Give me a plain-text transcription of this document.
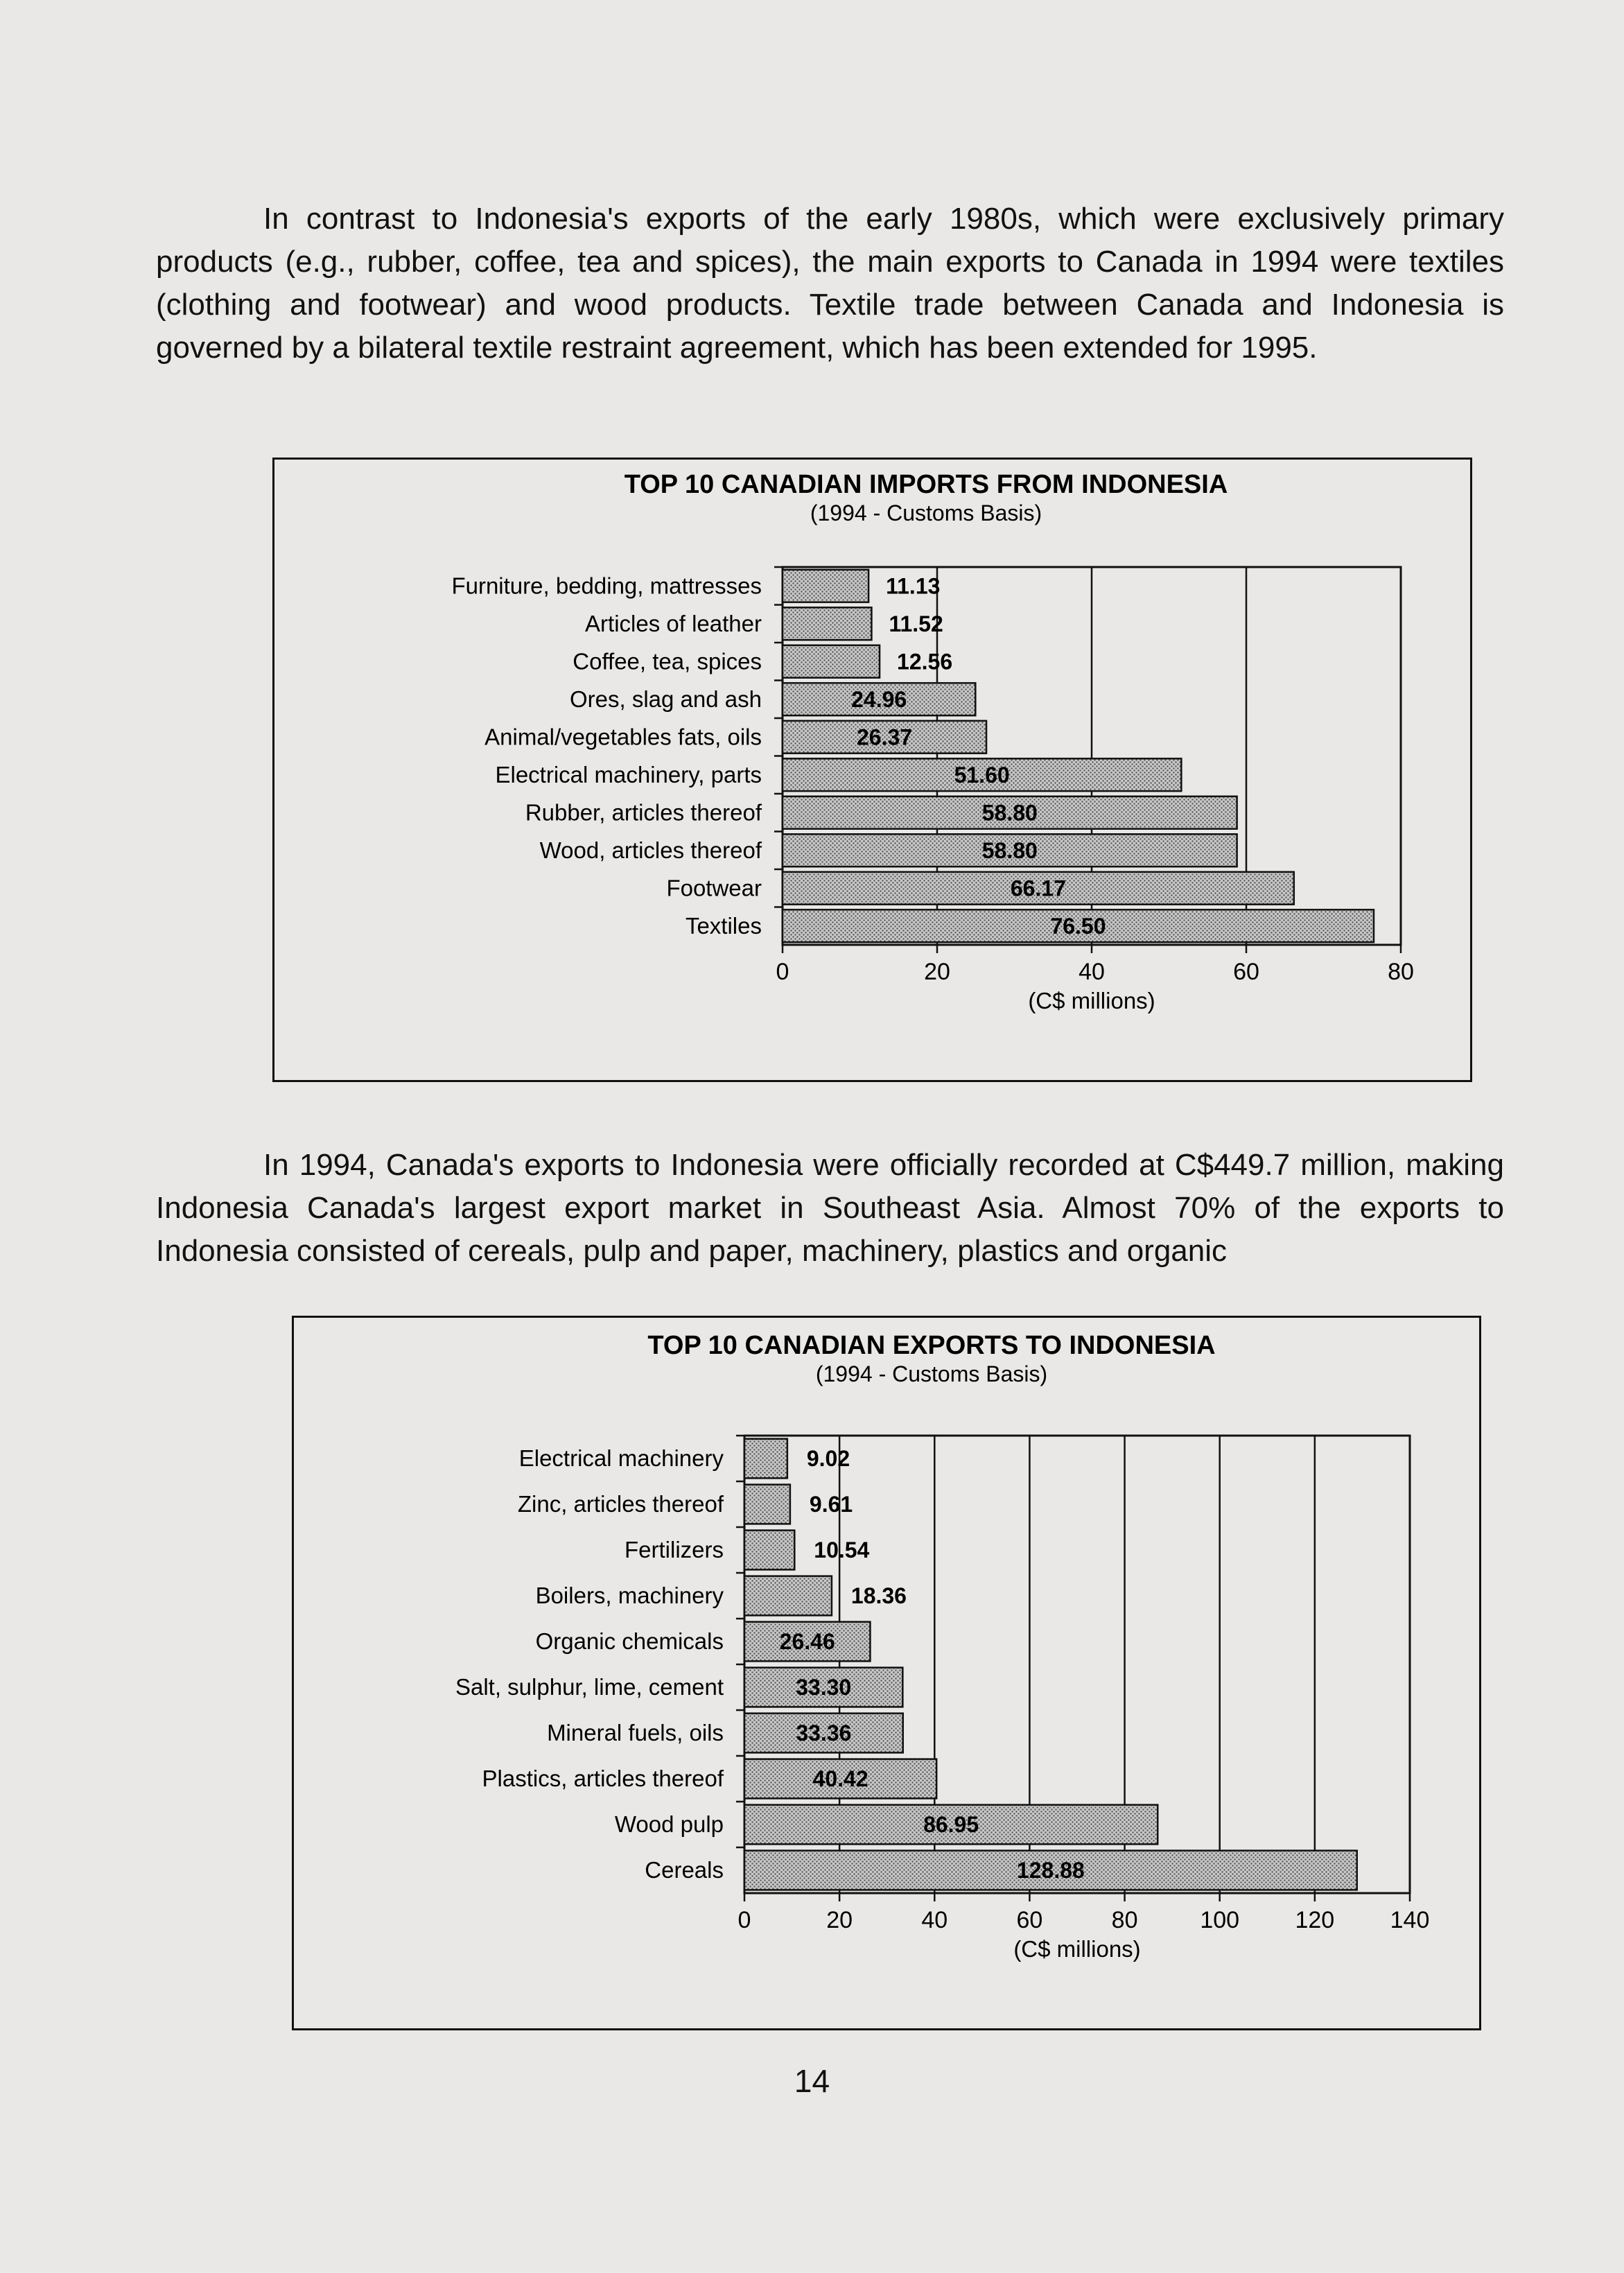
In contrast to Indonesia's exports of the early 1980s, which were exclusively primary products (e.g., rubber, coffee, tea and spices), the main exports to Canada in 1994 were textiles (clothing and footwear) and wood products. Textile trade between Canada and Indonesia is governed by a bilateral textile restraint agreement, which has been extended for 1995.

TOP 10 CANADIAN IMPORTS FROM INDONESIA
(1994 - Customs Basis)
0	20	40	60	80
(C$ millions)
Furniture, bedding, mattresses	11.13
Articles of leather	11.52
Coffee, tea, spices	12.56
Ores, slag and ash	24.96
Animal/vegetables fats, oils	26.37
Electrical machinery, parts	51.60
Rubber, articles thereof	58.80
Wood, articles thereof	58.80
Footwear	66.17
Textiles	76.50

In 1994, Canada's exports to Indonesia were officially recorded at C$449.7 million, making Indonesia Canada's largest export market in Southeast Asia. Almost 70% of the exports to Indonesia consisted of cereals, pulp and paper, machinery, plastics and organic

TOP 10 CANADIAN EXPORTS TO INDONESIA
(1994 - Customs Basis)
0	20	40	60	80	100 120 140
(C$ millions)
Electrical machinery	9.02
Zinc, articles thereof	9.61
Fertilizers	10.54
Boilers, machinery	18.36
Organic chemicals	26.46
Salt, sulphur, lime, cement	33.30
Mineral fuels, oils	33.36
Plastics, articles thereof	40.42
Wood pulp	86.95
Cereals	128.88
14
